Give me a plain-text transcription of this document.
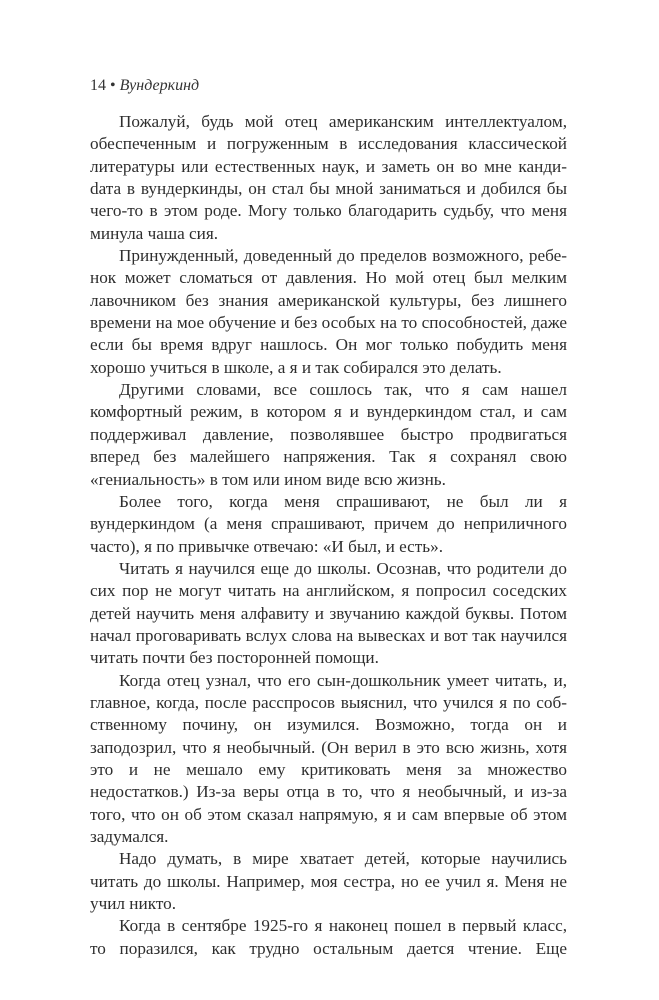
14 • Вундеркинд

Пожалуй, будь мой отец американским интеллектуалом, обеспеченным и погруженным в исследования классической литературы или естественных наук, и заметь он во мне кандиdата в вундеркинды, он стал бы мной заниматься и добился бы чего-то в этом роде. Могу только благодарить судьбу, что меня минула чаша сия.

Принужденный, доведенный до пределов возможного, ребенок может сломаться от давления. Но мой отец был мелким лавочником без знания американской культуры, без лишнего времени на мое обучение и без особых на то способностей, даже если бы время вдруг нашлось. Он мог только побудить меня хорошо учиться в школе, а я и так собирался это делать.

Другими словами, все сошлось так, что я сам нашел комфортный режим, в котором я и вундеркиндом стал, и сам поддерживал давление, позволявшее быстро продвигаться вперед без малейшего напряжения. Так я сохранял свою «гениальность» в том или ином виде всю жизнь.

Более того, когда меня спрашивают, не был ли я вундеркиндом (а меня спрашивают, причем до неприличного часто), я по привычке отвечаю: «И был, и есть».

Читать я научился еще до школы. Осознав, что родители до сих пор не могут читать на английском, я попросил соседских детей научить меня алфавиту и звучанию каждой буквы. Потом начал проговаривать вслух слова на вывесках и вот так научился читать почти без посторонней помощи.

Когда отец узнал, что его сын-дошкольник умеет читать, и, главное, когда, после расспросов выяснил, что учился я по собственному почину, он изумился. Возможно, тогда он и заподозрил, что я необычный. (Он верил в это всю жизнь, хотя это и не мешало ему критиковать меня за множество недостатков.) Из-за веры отца в то, что я необычный, и из-за того, что он об этом сказал напрямую, я и сам впервые об этом задумался.

Надо думать, в мире хватает детей, которые научились читать до школы. Например, моя сестра, но ее учил я. Меня не учил никто.

Когда в сентябре 1925-го я наконец пошел в первый класс, то поразился, как трудно остальным дается чтение. Еще
